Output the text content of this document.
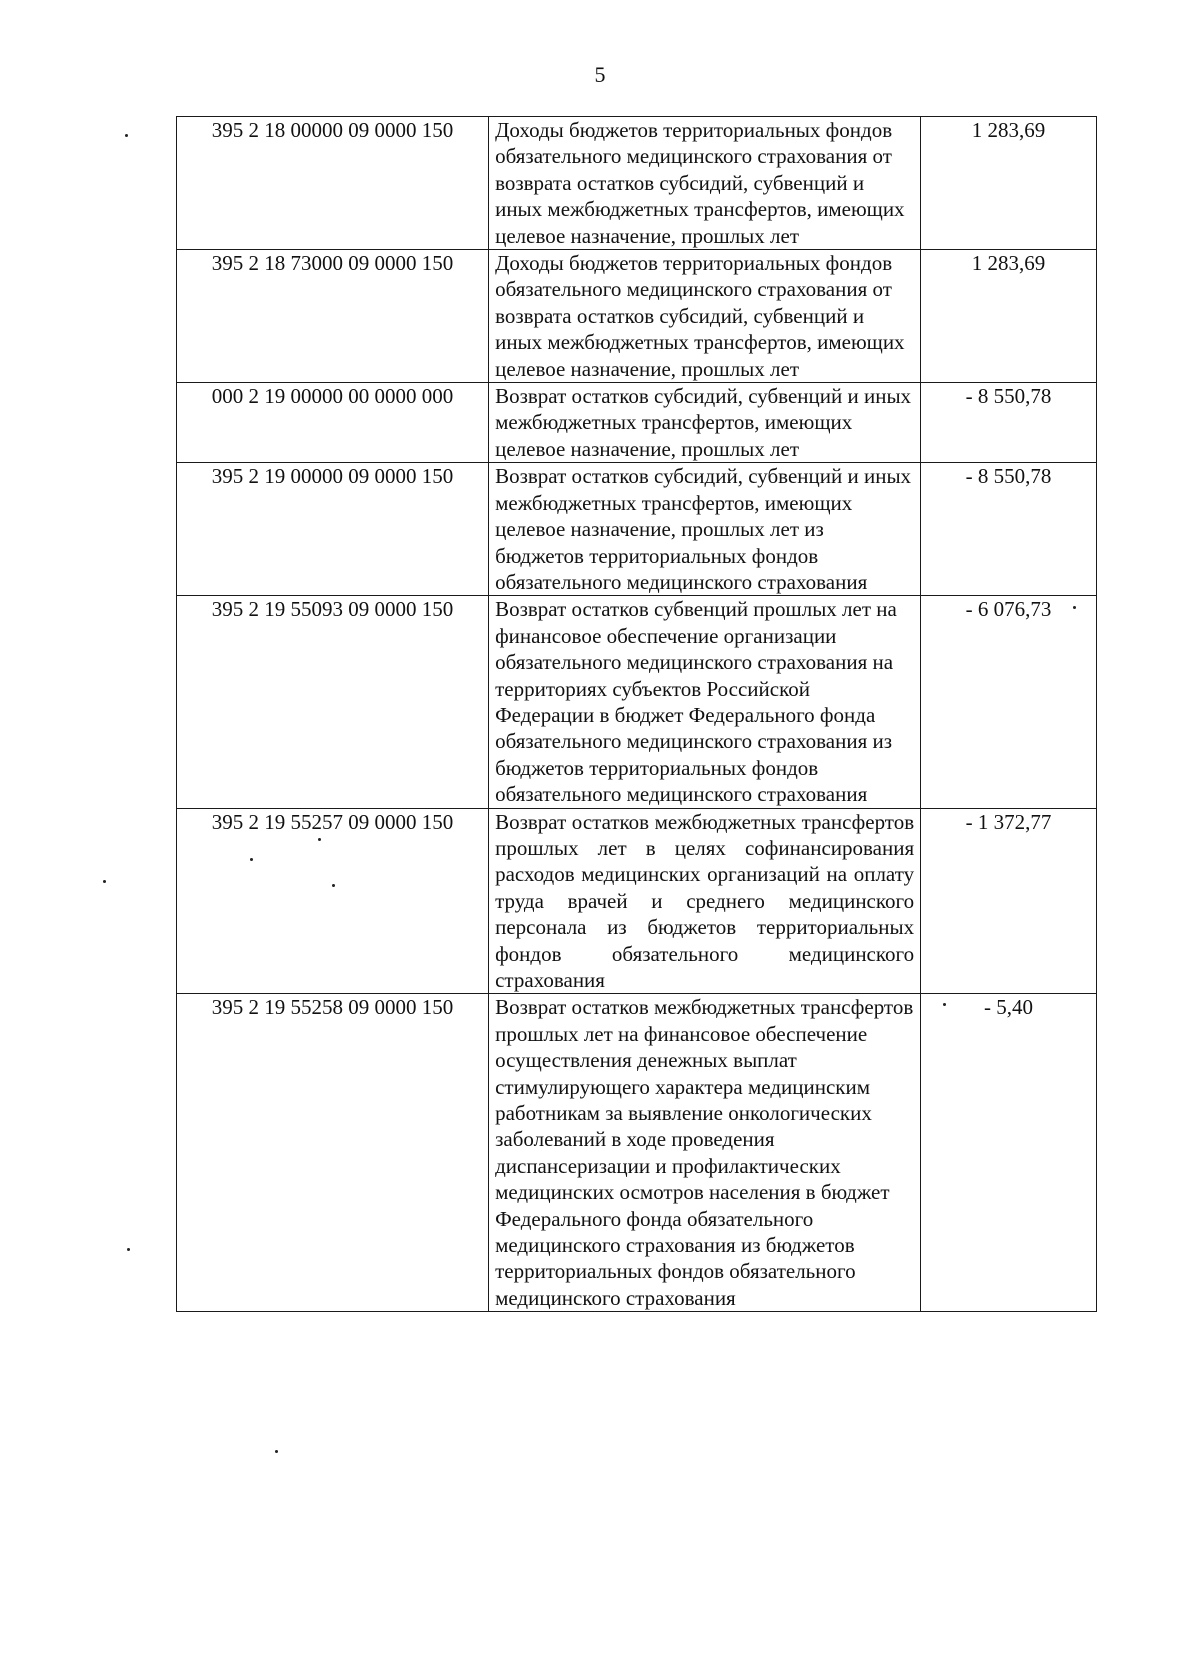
5
395 2 18 00000 09 0000 150	Доходы бюджетов территориальных фондов обязательного медицинского страхования от возврата остатков субсидий, субвенций и иных межбюджетных трансфертов, имеющих целевое назначение, прошлых лет	1 283,69
395 2 18 73000 09 0000 150	Доходы бюджетов территориальных фондов обязательного медицинского страхования от возврата остатков субсидий, субвенций и иных межбюджетных трансфертов, имеющих целевое назначение, прошлых лет	1 283,69
000 2 19 00000 00 0000 000	Возврат остатков субсидий, субвенций и иных межбюджетных трансфертов, имеющих целевое назначение, прошлых лет	- 8 550,78
395 2 19 00000 09 0000 150	Возврат остатков субсидий, субвенций и иных межбюджетных трансфертов, имеющих целевое назначение, прошлых лет из бюджетов территориальных фондов обязательного медицинского страхования	- 8 550,78
395 2 19 55093 09 0000 150	Возврат остатков субвенций прошлых лет на финансовое обеспечение организации обязательного медицинского страхования на территориях субъектов Российской Федерации в бюджет Федерального фонда обязательного медицинского страхования из бюджетов территориальных фондов обязательного медицинского страхования	- 6 076,73
395 2 19 55257 09 0000 150	Возврат остатков межбюджетных трансфертов прошлых лет в целях софинансирования расходов медицинских организаций на оплату труда врачей и среднего медицинского персонала из бюджетов территориальных фондов обязательного медицинского страхования	- 1 372,77
395 2 19 55258 09 0000 150	Возврат остатков межбюджетных трансфертов прошлых лет на финансовое обеспечение осуществления денежных выплат стимулирующего характера медицинским работникам за выявление онкологических заболеваний в ходе проведения диспансеризации и профилактических медицинских осмотров населения в бюджет Федерального фонда обязательного медицинского страхования из бюджетов территориальных фондов обязательного медицинского страхования	- 5,40
